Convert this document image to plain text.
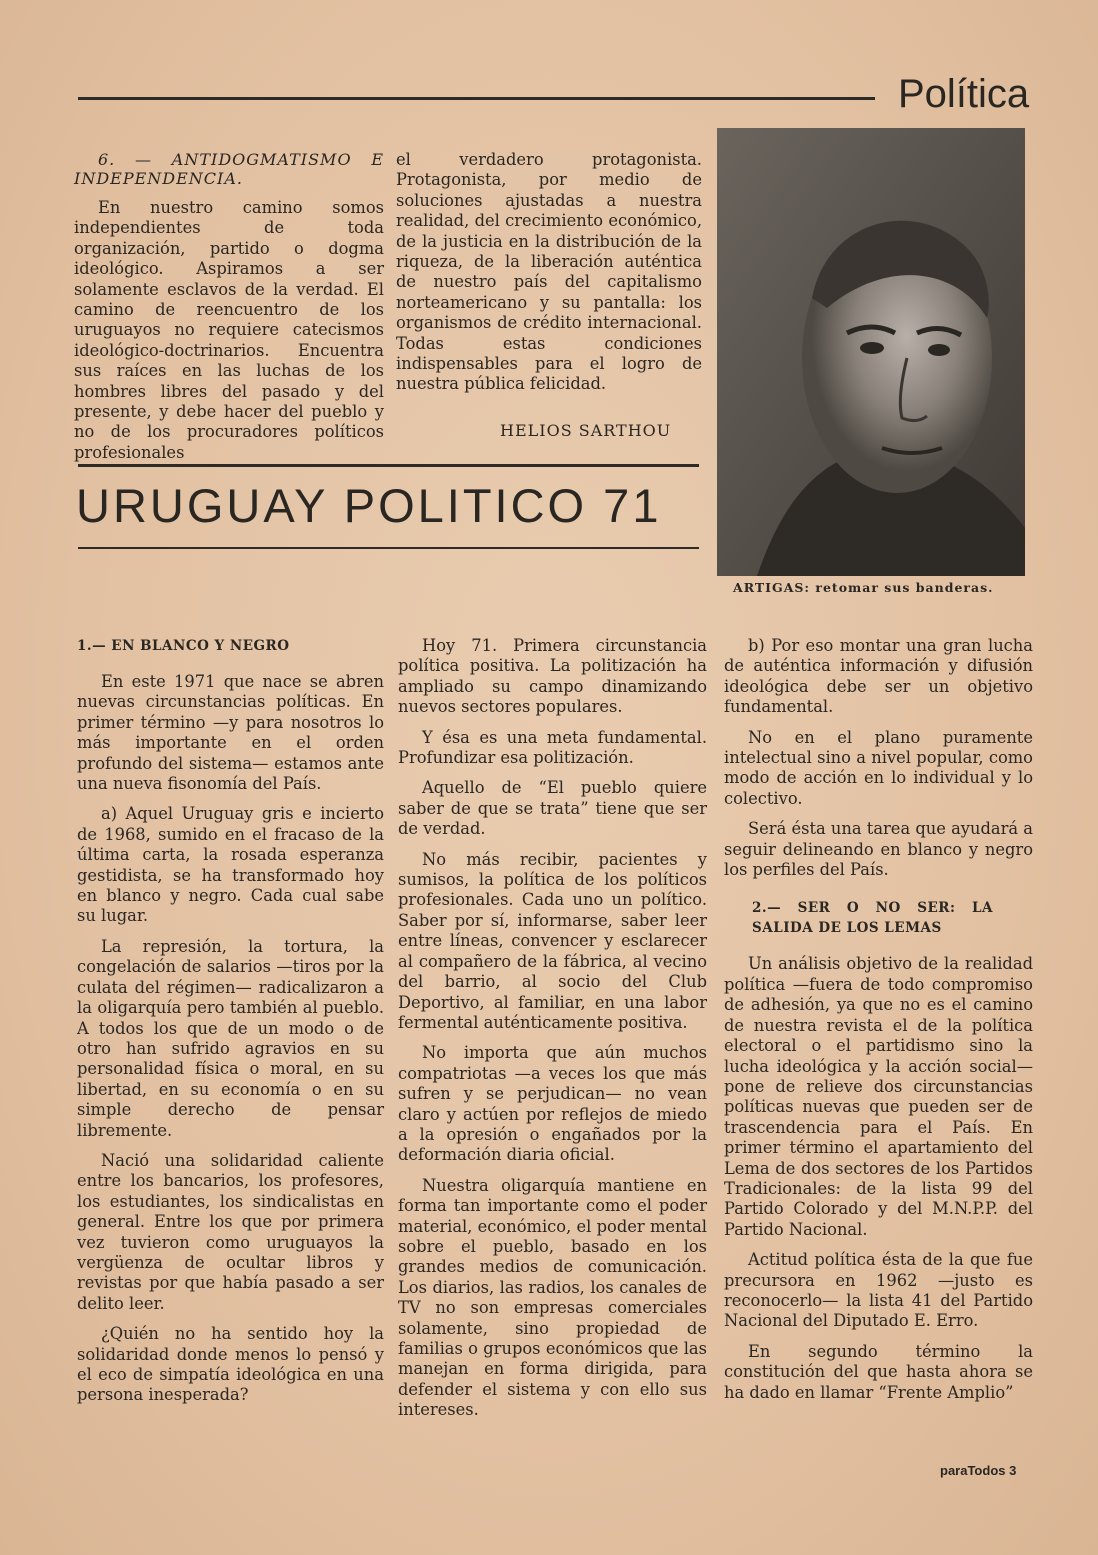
Política

6. — ANTIDOGMATISMO E INDEPENDENCIA.

En nuestro camino somos independientes de toda organización, partido o dogma ideológico. Aspiramos a ser solamente esclavos de la verdad. El camino de reencuentro de los uruguayos no requiere catecismos ideológico-doctrinarios. Encuentra sus raíces en las luchas de los hombres libres del pasado y del presente, y debe hacer del pueblo y no de los procuradores políticos profesionales

el verdadero protagonista. Protagonista, por medio de soluciones ajustadas a nuestra realidad, del crecimiento económico, de la justicia en la distribución de la riqueza, de la liberación auténtica de nuestro país del capitalismo norteamericano y su pantalla: los organismos de crédito internacional. Todas estas condiciones indispensables para el logro de nuestra pública felicidad.

HELIOS SARTHOU
ARTIGAS: retomar sus banderas.
URUGUAY POLITICO 71
1.— EN BLANCO Y NEGRO

En este 1971 que nace se abren nuevas circunstancias políticas. En primer término —y para nosotros lo más importante en el orden profundo del sistema— estamos ante una nueva fisonomía del País.

a) Aquel Uruguay gris e incierto de 1968, sumido en el fracaso de la última carta, la rosada esperanza gestidista, se ha transformado hoy en blanco y negro. Cada cual sabe su lugar.

La represión, la tortura, la congelación de salarios —tiros por la culata del régimen— radicalizaron a la oligarquía pero también al pueblo. A todos los que de un modo o de otro han sufrido agravios en su personalidad física o moral, en su libertad, en su economía o en su simple derecho de pensar libremente.

Nació una solidaridad caliente entre los bancarios, los profesores, los estudiantes, los sindicalistas en general. Entre los que por primera vez tuvieron como uruguayos la vergüenza de ocultar libros y revistas por que había pasado a ser delito leer.

¿Quién no ha sentido hoy la solidaridad donde menos lo pensó y el eco de simpatía ideológica en una persona inesperada?

Hoy 71. Primera circunstancia política positiva. La politización ha ampliado su campo dinamizando nuevos sectores populares.

Y ésa es una meta fundamental. Profundizar esa politización.

Aquello de “El pueblo quiere saber de que se trata” tiene que ser de verdad.

No más recibir, pacientes y sumisos, la política de los políticos profesionales. Cada uno un político. Saber por sí, informarse, saber leer entre líneas, convencer y esclarecer al compañero de la fábrica, al vecino del barrio, al socio del Club Deportivo, al familiar, en una labor fermental auténticamente positiva.

No importa que aún muchos compatriotas —a veces los que más sufren y se perjudican— no vean claro y actúen por reflejos de miedo a la opresión o engañados por la deformación diaria oficial.

Nuestra oligarquía mantiene en forma tan importante como el poder material, económico, el poder mental sobre el pueblo, basado en los grandes medios de comunicación. Los diarios, las radios, los canales de TV no son empresas comerciales solamente, sino propiedad de familias o grupos económicos que las manejan en forma dirigida, para defender el sistema y con ello sus intereses.

b) Por eso montar una gran lucha de auténtica información y difusión ideológica debe ser un objetivo fundamental.

No en el plano puramente intelectual sino a nivel popular, como modo de acción en lo individual y lo colectivo.

Será ésta una tarea que ayudará a seguir delineando en blanco y negro los perfiles del País.

2.— SER O NO SER: LA SALIDA DE LOS LEMAS

Un análisis objetivo de la realidad política —fuera de todo compromiso de adhesión, ya que no es el camino de nuestra revista el de la política electoral o el partidismo sino la lucha ideológica y la acción social— pone de relieve dos circunstancias políticas nuevas que pueden ser de trascendencia para el País. En primer término el apartamiento del Lema de dos sectores de los Partidos Tradicionales: de la lista 99 del Partido Colorado y del M.N.P.P. del Partido Nacional.

Actitud política ésta de la que fue precursora en 1962 —justo es reconocerlo— la lista 41 del Partido Nacional del Diputado E. Erro.

En segundo término la constitución del que hasta ahora se ha dado en llamar “Frente Amplio”

paraTodos 3
